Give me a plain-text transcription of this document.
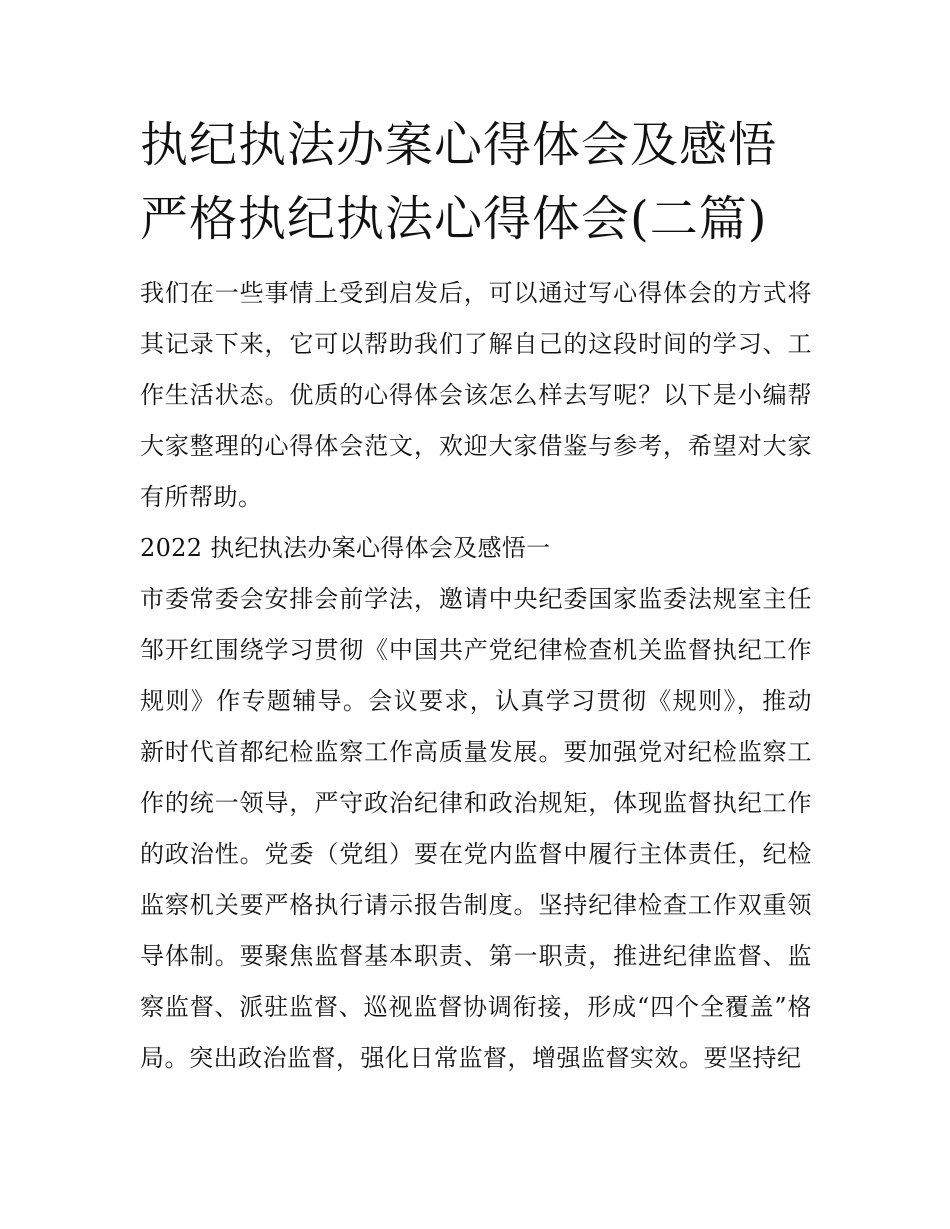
执纪执法办案心得体会及感悟
严格执纪执法心得体会(二篇)

我们在一些事情上受到启发后，可以通过写心得体会的方式将其记录下来，它可以帮助我们了解自己的这段时间的学习、工作生活状态。优质的心得体会该怎么样去写呢？以下是小编帮大家整理的心得体会范文，欢迎大家借鉴与参考，希望对大家有所帮助。

2022 执纪执法办案心得体会及感悟一

市委常委会安排会前学法，邀请中央纪委国家监委法规室主任邹开红围绕学习贯彻《中国共产党纪律检查机关监督执纪工作规则》作专题辅导。会议要求，认真学习贯彻《规则》，推动新时代首都纪检监察工作高质量发展。要加强党对纪检监察工作的统一领导，严守政治纪律和政治规矩，体现监督执纪工作的政治性。党委（党组）要在党内监督中履行主体责任，纪检监察机关要严格执行请示报告制度。坚持纪律检查工作双重领导体制。要聚焦监督基本职责、第一职责，推进纪律监督、监察监督、派驻监督、巡视监督协调衔接，形成“四个全覆盖”格局。突出政治监督，强化日常监督，增强监督实效。要坚持纪
